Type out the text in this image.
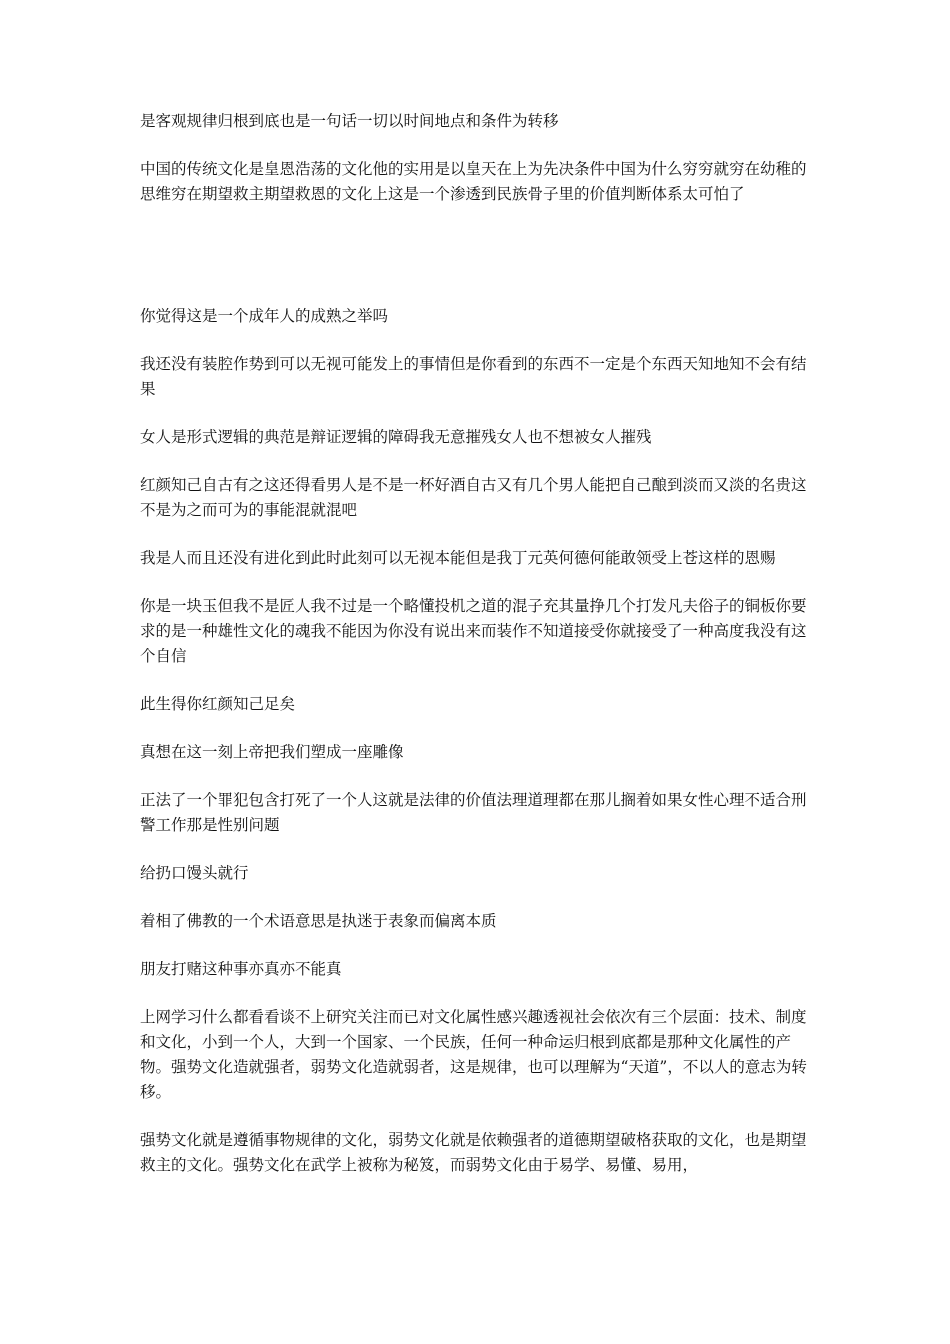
是客观规律归根到底也是一句话一切以时间地点和条件为转移

中国的传统文化是皇恩浩荡的文化他的实用是以皇天在上为先决条件中国为什么穷穷就穷在幼稚的思维穷在期望救主期望救恩的文化上这是一个渗透到民族骨子里的价值判断体系太可怕了

你觉得这是一个成年人的成熟之举吗

我还没有装腔作势到可以无视可能发上的事情但是你看到的东西不一定是个东西天知地知不会有结果

女人是形式逻辑的典范是辩证逻辑的障碍我无意摧残女人也不想被女人摧残

红颜知己自古有之这还得看男人是不是一杯好酒自古又有几个男人能把自己酿到淡而又淡的名贵这不是为之而可为的事能混就混吧

我是人而且还没有进化到此时此刻可以无视本能但是我丁元英何德何能敢领受上苍这样的恩赐

你是一块玉但我不是匠人我不过是一个略懂投机之道的混子充其量挣几个打发凡夫俗子的铜板你要求的是一种雄性文化的魂我不能因为你没有说出来而装作不知道接受你就接受了一种高度我没有这个自信

此生得你红颜知己足矣

真想在这一刻上帝把我们塑成一座雕像

正法了一个罪犯包含打死了一个人这就是法律的价值法理道理都在那儿搁着如果女性心理不适合刑警工作那是性别问题

给扔口馒头就行

着相了佛教的一个术语意思是执迷于表象而偏离本质

朋友打赌这种事亦真亦不能真

上网学习什么都看看谈不上研究关注而已对文化属性感兴趣透视社会依次有三个层面：技术、制度和文化，小到一个人，大到一个国家、一个民族，任何一种命运归根到底都是那种文化属性的产物。强势文化造就强者，弱势文化造就弱者，这是规律，也可以理解为“天道”，不以人的意志为转移。

强势文化就是遵循事物规律的文化，弱势文化就是依赖强者的道德期望破格获取的文化，也是期望救主的文化。强势文化在武学上被称为秘笈，而弱势文化由于易学、易懂、易用，
